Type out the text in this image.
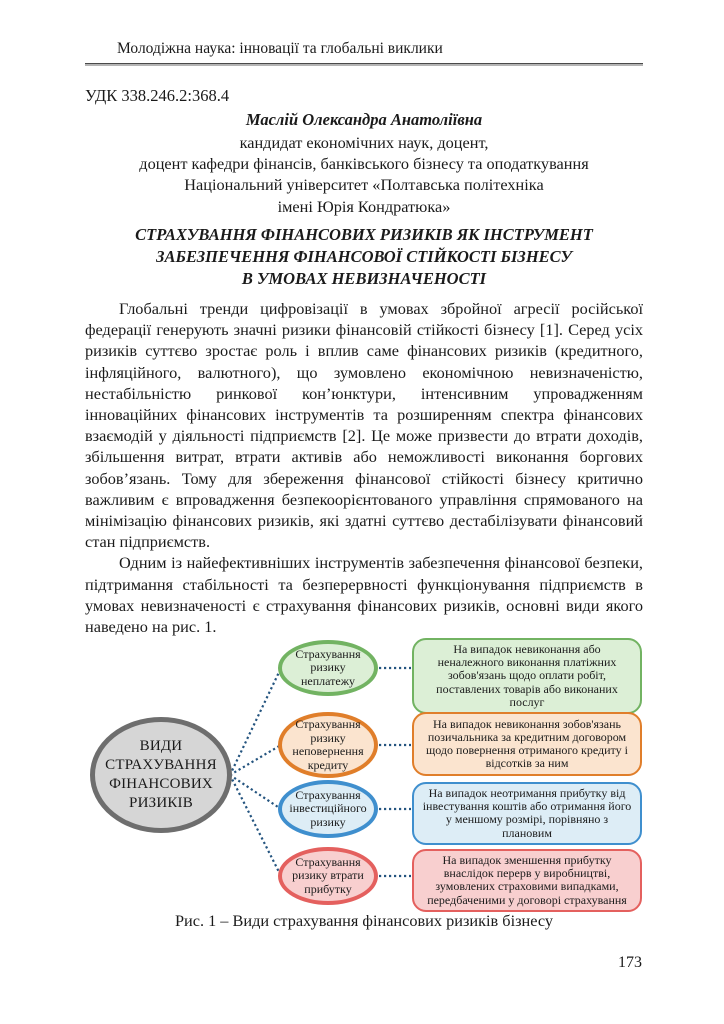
Молодіжна наука: інновації та глобальні виклики
УДК 338.246.2:368.4
Маслій Олександра Анатоліївна
кандидат економічних наук, доцент,
доцент кафедри фінансів, банківського бізнесу та оподаткування
Національний університет «Полтавська політехніка
імені Юрія Кондратюка»
СТРАХУВАННЯ ФІНАНСОВИХ РИЗИКІВ ЯК ІНСТРУМЕНТ
ЗАБЕЗПЕЧЕННЯ ФІНАНСОВОЇ СТІЙКОСТІ БІЗНЕСУ
В УМОВАХ НЕВИЗНАЧЕНОСТІ

Глобальні тренди цифровізації в умовах збройної агресії російської федерації генерують значні ризики фінансовій стійкості бізнесу [1]. Серед усіх ризиків суттєво зростає роль і вплив саме фінансових ризиків (кредитного, інфляційного, валютного), що зумовлено економічною невизначеністю, нестабільністю ринкової кон’юнктури, інтенсивним упровадженням інноваційних фінансових інструментів та розширенням спектра фінансових взаємодій у діяльності підприємств [2]. Це може призвести до втрати доходів, збільшення витрат, втрати активів або неможливості виконання боргових зобов’язань. Тому для збереження фінансової стійкості бізнесу критично важливим є впровадження безпекоорієнтованого управління спрямованого на мінімізацію фінансових ризиків, які здатні суттєво дестабілізувати фінансовий стан підприємств.

Одним із найефективніших інструментів забезпечення фінансової безпеки, підтримання стабільності та безперервності функціонування підприємств в умовах невизначеності є страхування фінансових ризиків, основні види якого наведено на рис. 1.

ВИДИ СТРАХУВАННЯ ФІНАНСОВИХ РИЗИКІВ
Страхування ризику неплатежу
Страхування ризику неповернення кредиту
Страхування інвестиційного ризику
Страхування ризику втрати прибутку
На випадок невиконання або неналежного виконання платіжних зобов'язань щодо оплати робіт, поставлених товарів або виконаних послуг
На випадок невиконання зобов'язань позичальника за кредитним договором щодо повернення отриманого кредиту і відсотків за ним
На випадок неотримання прибутку від інвестування коштів або отримання його у меншому розмірі, порівняно з плановим
На випадок зменшення прибутку внаслідок перерв у виробництві, зумовлених страховими випадками, передбаченими у договорі страхування
Рис. 1 – Види страхування фінансових ризиків бізнесу
173
